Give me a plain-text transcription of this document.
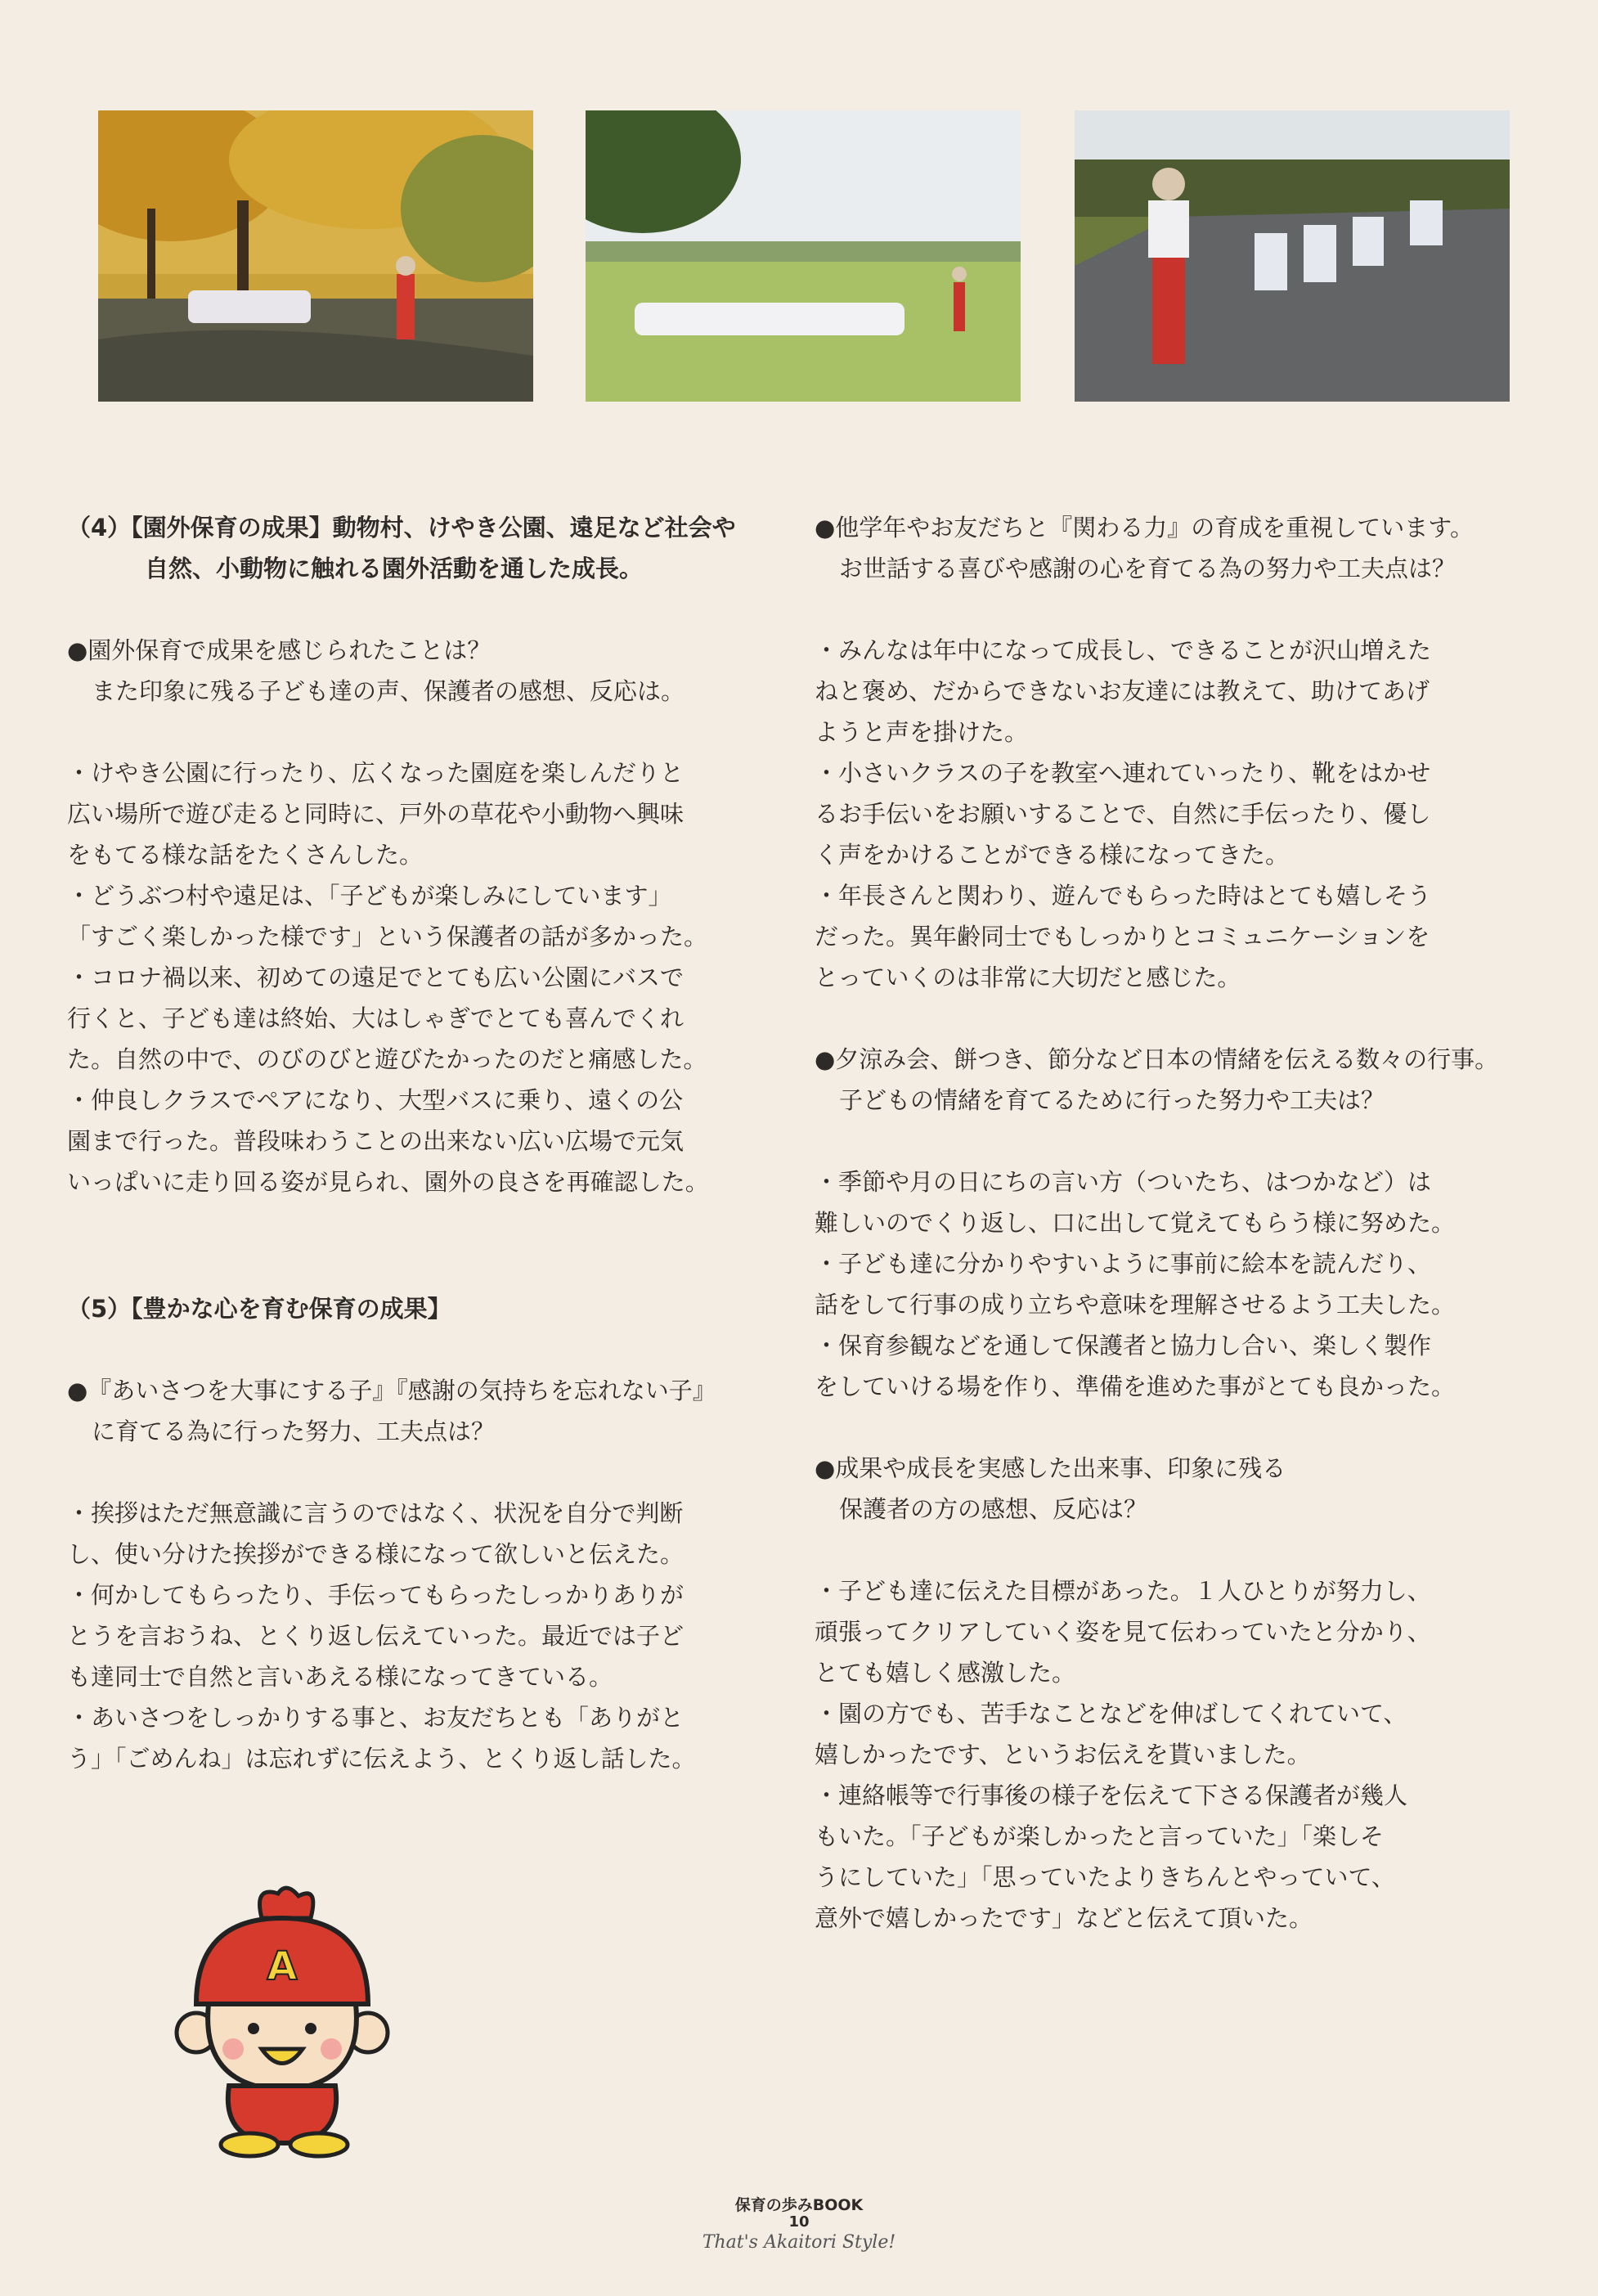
（4）【園外保育の成果】動物村、けやき公園、遠足など社会や

自然、小動物に触れる園外活動を通した成長。

●園外保育で成果を感じられたことは？

また印象に残る子ども達の声、保護者の感想、反応は。

・けやき公園に行ったり、広くなった園庭を楽しんだりと

広い場所で遊び走ると同時に、戸外の草花や小動物へ興味

をもてる様な話をたくさんした。

・どうぶつ村や遠足は、「子どもが楽しみにしています」

「すごく楽しかった様です」という保護者の話が多かった。

・コロナ禍以来、初めての遠足でとても広い公園にバスで

行くと、子ども達は終始、大はしゃぎでとても喜んでくれ

た。自然の中で、のびのびと遊びたかったのだと痛感した。

・仲良しクラスでペアになり、大型バスに乗り、遠くの公

園まで行った。普段味わうことの出来ない広い広場で元気

いっぱいに走り回る姿が見られ、園外の良さを再確認した。

（5）【豊かな心を育む保育の成果】

●『あいさつを大事にする子』『感謝の気持ちを忘れない子』

に育てる為に行った努力、工夫点は？

・挨拶はただ無意識に言うのではなく、状況を自分で判断

し、使い分けた挨拶ができる様になって欲しいと伝えた。

・何かしてもらったり、手伝ってもらったしっかりありが

とうを言おうね、とくり返し伝えていった。最近では子ど

も達同士で自然と言いあえる様になってきている。

・あいさつをしっかりする事と、お友だちとも「ありがと

う」「ごめんね」は忘れずに伝えよう、とくり返し話した。

●他学年やお友だちと『関わる力』の育成を重視しています。

お世話する喜びや感謝の心を育てる為の努力や工夫点は？

・みんなは年中になって成長し、できることが沢山増えた

ねと褒め、だからできないお友達には教えて、助けてあげ

ようと声を掛けた。

・小さいクラスの子を教室へ連れていったり、靴をはかせ

るお手伝いをお願いすることで、自然に手伝ったり、優し

く声をかけることができる様になってきた。

・年長さんと関わり、遊んでもらった時はとても嬉しそう

だった。異年齢同士でもしっかりとコミュニケーションを

とっていくのは非常に大切だと感じた。

●夕涼み会、餅つき、節分など日本の情緒を伝える数々の行事。

子どもの情緒を育てるために行った努力や工夫は？

・季節や月の日にちの言い方（ついたち、はつかなど）は

難しいのでくり返し、口に出して覚えてもらう様に努めた。

・子ども達に分かりやすいように事前に絵本を読んだり、

話をして行事の成り立ちや意味を理解させるよう工夫した。

・保育参観などを通して保護者と協力し合い、楽しく製作

をしていける場を作り、準備を進めた事がとても良かった。

●成果や成長を実感した出来事、印象に残る

保護者の方の感想、反応は？

・子ども達に伝えた目標があった。１人ひとりが努力し、

頑張ってクリアしていく姿を見て伝わっていたと分かり、

とても嬉しく感激した。

・園の方でも、苦手なことなどを伸ばしてくれていて、

嬉しかったです、というお伝えを貰いました。

・連絡帳等で行事後の様子を伝えて下さる保護者が幾人

もいた。「子どもが楽しかったと言っていた」「楽しそ

うにしていた」「思っていたよりきちんとやっていて、

意外で嬉しかったです」などと伝えて頂いた。

A
保育の歩みBOOK
10
That's Akaitori Style!
